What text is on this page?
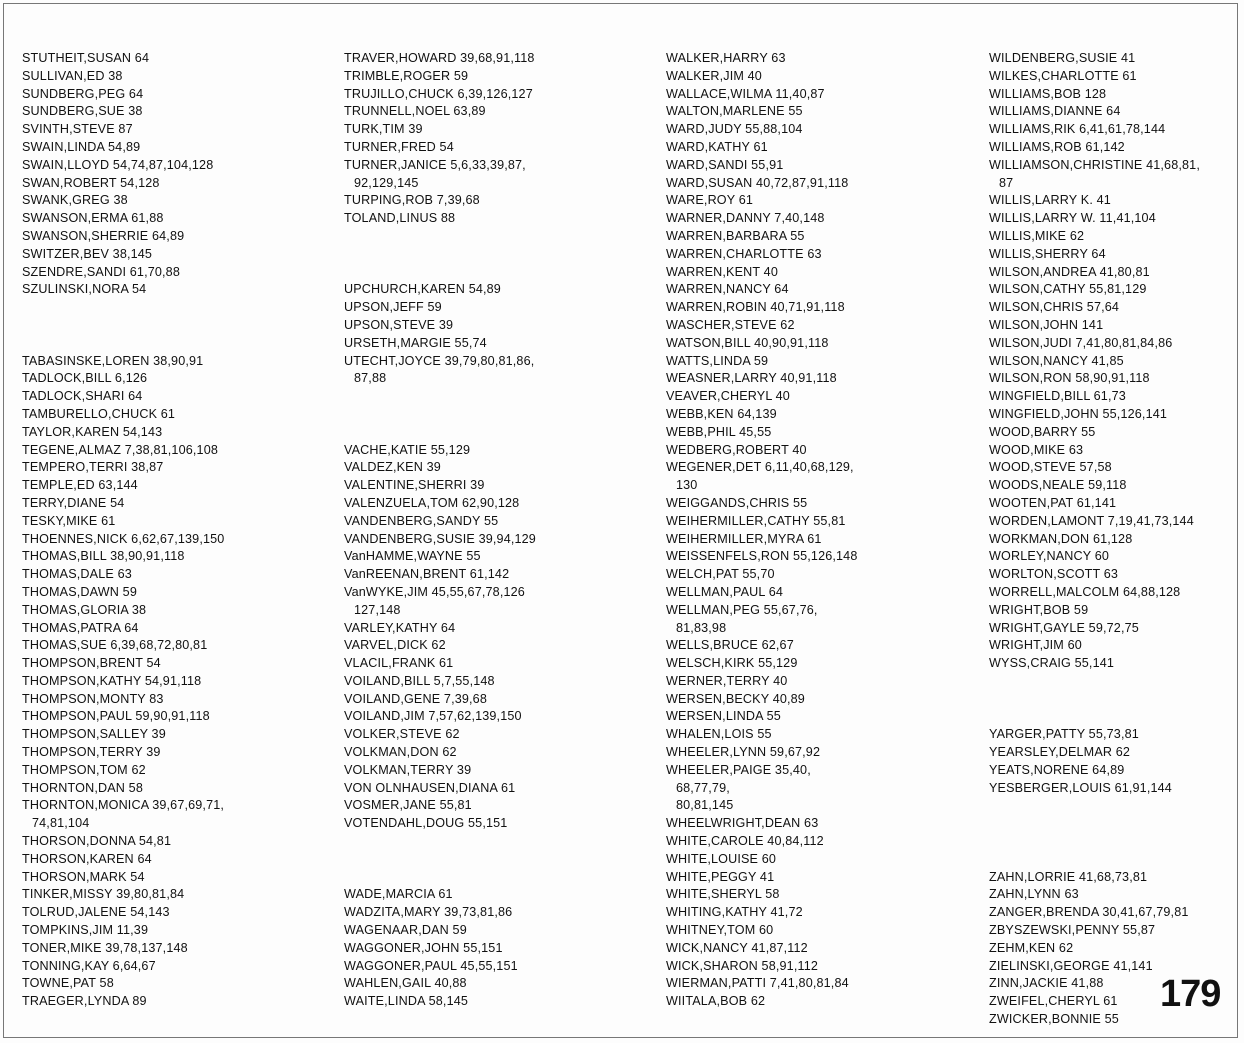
STUTHEIT,SUSAN 64
SULLIVAN,ED 38
SUNDBERG,PEG 64
SUNDBERG,SUE 38
SVINTH,STEVE 87
SWAIN,LINDA 54,89
SWAIN,LLOYD 54,74,87,104,128
SWAN,ROBERT 54,128
SWANK,GREG 38
SWANSON,ERMA 61,88
SWANSON,SHERRIE 64,89
SWITZER,BEV 38,145
SZENDRE,SANDI 61,70,88
SZULINSKI,NORA 54
TABASINSKE,LOREN 38,90,91
TADLOCK,BILL 6,126
TADLOCK,SHARI 64
TAMBURELLO,CHUCK 61
TAYLOR,KAREN 54,143
TEGENE,ALMAZ 7,38,81,106,108
TEMPERO,TERRI 38,87
TEMPLE,ED 63,144
TERRY,DIANE 54
TESKY,MIKE 61
THOENNES,NICK 6,62,67,139,150
THOMAS,BILL 38,90,91,118
THOMAS,DALE 63
THOMAS,DAWN 59
THOMAS,GLORIA 38
THOMAS,PATRA 64
THOMAS,SUE 6,39,68,72,80,81
THOMPSON,BRENT 54
THOMPSON,KATHY 54,91,118
THOMPSON,MONTY 83
THOMPSON,PAUL 59,90,91,118
THOMPSON,SALLEY 39
THOMPSON,TERRY 39
THOMPSON,TOM 62
THORNTON,DAN 58
THORNTON,MONICA 39,67,69,71,
74,81,104
THORSON,DONNA 54,81
THORSON,KAREN 64
THORSON,MARK 54
TINKER,MISSY 39,80,81,84
TOLRUD,JALENE 54,143
TOMPKINS,JIM 11,39
TONER,MIKE 39,78,137,148
TONNING,KAY 6,64,67
TOWNE,PAT 58
TRAEGER,LYNDA 89
TRAVER,HOWARD 39,68,91,118
TRIMBLE,ROGER 59
TRUJILLO,CHUCK 6,39,126,127
TRUNNELL,NOEL 63,89
TURK,TIM 39
TURNER,FRED 54
TURNER,JANICE 5,6,33,39,87,
92,129,145
TURPING,ROB 7,39,68
TOLAND,LINUS 88
UPCHURCH,KAREN 54,89
UPSON,JEFF 59
UPSON,STEVE 39
URSETH,MARGIE 55,74
UTECHT,JOYCE 39,79,80,81,86,
87,88
VACHE,KATIE 55,129
VALDEZ,KEN 39
VALENTINE,SHERRI 39
VALENZUELA,TOM 62,90,128
VANDENBERG,SANDY 55
VANDENBERG,SUSIE 39,94,129
VanHAMME,WAYNE 55
VanREENAN,BRENT 61,142
VanWYKE,JIM 45,55,67,78,126
127,148
VARLEY,KATHY 64
VARVEL,DICK 62
VLACIL,FRANK 61
VOILAND,BILL 5,7,55,148
VOILAND,GENE 7,39,68
VOILAND,JIM 7,57,62,139,150
VOLKER,STEVE 62
VOLKMAN,DON 62
VOLKMAN,TERRY 39
VON OLNHAUSEN,DIANA 61
VOSMER,JANE 55,81
VOTENDAHL,DOUG 55,151
WADE,MARCIA 61
WADZITA,MARY 39,73,81,86
WAGENAAR,DAN 59
WAGGONER,JOHN 55,151
WAGGONER,PAUL 45,55,151
WAHLEN,GAIL 40,88
WAITE,LINDA 58,145
WALKER,HARRY 63
WALKER,JIM 40
WALLACE,WILMA 11,40,87
WALTON,MARLENE 55
WARD,JUDY 55,88,104
WARD,KATHY 61
WARD,SANDI 55,91
WARD,SUSAN 40,72,87,91,118
WARE,ROY 61
WARNER,DANNY 7,40,148
WARREN,BARBARA 55
WARREN,CHARLOTTE 63
WARREN,KENT 40
WARREN,NANCY 64
WARREN,ROBIN 40,71,91,118
WASCHER,STEVE 62
WATSON,BILL 40,90,91,118
WATTS,LINDA 59
WEASNER,LARRY 40,91,118
VEAVER,CHERYL 40
WEBB,KEN 64,139
WEBB,PHIL 45,55
WEDBERG,ROBERT 40
WEGENER,DET 6,11,40,68,129,
130
WEIGGANDS,CHRIS 55
WEIHERMILLER,CATHY 55,81
WEIHERMILLER,MYRA 61
WEISSENFELS,RON 55,126,148
WELCH,PAT 55,70
WELLMAN,PAUL 64
WELLMAN,PEG 55,67,76,
81,83,98
WELLS,BRUCE 62,67
WELSCH,KIRK 55,129
WERNER,TERRY 40
WERSEN,BECKY 40,89
WERSEN,LINDA 55
WHALEN,LOIS 55
WHEELER,LYNN 59,67,92
WHEELER,PAIGE 35,40,
68,77,79,
80,81,145
WHEELWRIGHT,DEAN 63
WHITE,CAROLE 40,84,112
WHITE,LOUISE 60
WHITE,PEGGY 41
WHITE,SHERYL 58
WHITING,KATHY 41,72
WHITNEY,TOM 60
WICK,NANCY 41,87,112
WICK,SHARON 58,91,112
WIERMAN,PATTI 7,41,80,81,84
WIITALA,BOB 62
WILDENBERG,SUSIE 41
WILKES,CHARLOTTE 61
WILLIAMS,BOB 128
WILLIAMS,DIANNE 64
WILLIAMS,RIK 6,41,61,78,144
WILLIAMS,ROB 61,142
WILLIAMSON,CHRISTINE 41,68,81,
87
WILLIS,LARRY K. 41
WILLIS,LARRY W. 11,41,104
WILLIS,MIKE 62
WILLIS,SHERRY 64
WILSON,ANDREA 41,80,81
WILSON,CATHY 55,81,129
WILSON,CHRIS 57,64
WILSON,JOHN 141
WILSON,JUDI 7,41,80,81,84,86
WILSON,NANCY 41,85
WILSON,RON 58,90,91,118
WINGFIELD,BILL 61,73
WINGFIELD,JOHN 55,126,141
WOOD,BARRY 55
WOOD,MIKE 63
WOOD,STEVE 57,58
WOODS,NEALE 59,118
WOOTEN,PAT 61,141
WORDEN,LAMONT 7,19,41,73,144
WORKMAN,DON 61,128
WORLEY,NANCY 60
WORLTON,SCOTT 63
WORRELL,MALCOLM 64,88,128
WRIGHT,BOB 59
WRIGHT,GAYLE 59,72,75
WRIGHT,JIM 60
WYSS,CRAIG 55,141
YARGER,PATTY 55,73,81
YEARSLEY,DELMAR 62
YEATS,NORENE 64,89
YESBERGER,LOUIS 61,91,144
ZAHN,LORRIE 41,68,73,81
ZAHN,LYNN 63
ZANGER,BRENDA 30,41,67,79,81
ZBYSZEWSKI,PENNY 55,87
ZEHM,KEN 62
ZIELINSKI,GEORGE 41,141
ZINN,JACKIE 41,88
ZWEIFEL,CHERYL 61
ZWICKER,BONNIE 55
179
